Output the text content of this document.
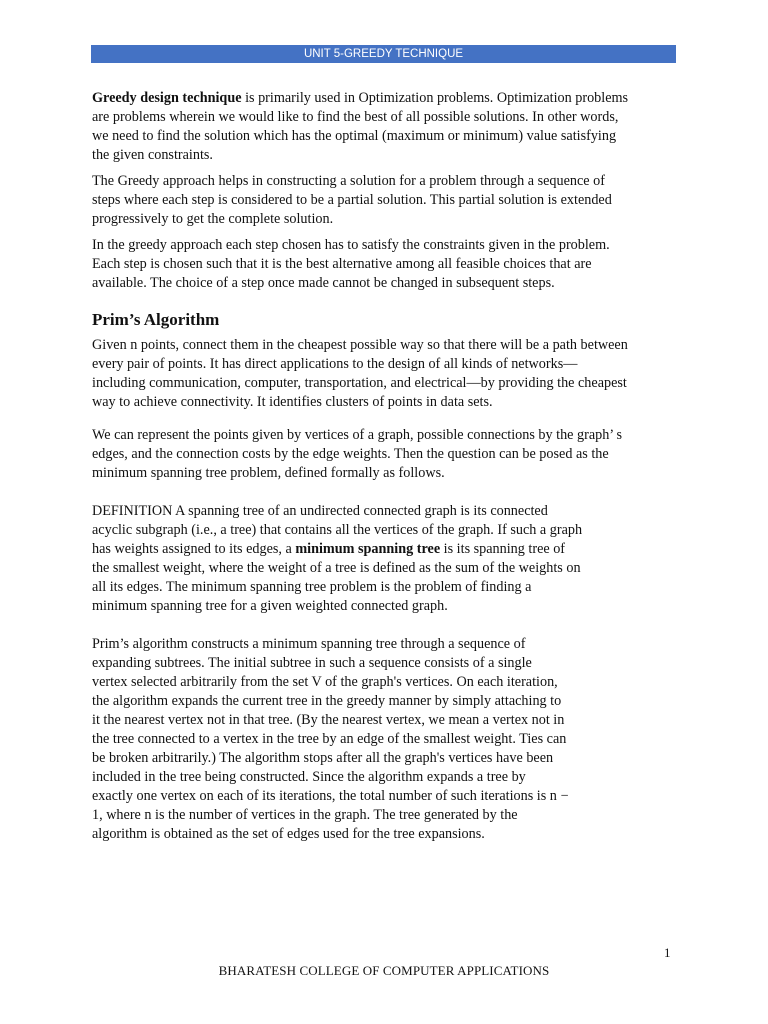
UNIT 5-GREEDY TECHNIQUE

Greedy design technique is primarily used in Optimization problems. Optimization problems
are problems wherein we would like to find the best of all possible solutions. In other words,
we need to find the solution which has the optimal (maximum or minimum) value satisfying
the given constraints.

The Greedy approach helps in constructing a solution for a problem through a sequence of
steps where each step is considered to be a partial solution. This partial solution is extended
progressively to get the complete solution.

In the greedy approach each step chosen has to satisfy the constraints given in the problem.
Each step is chosen such that it is the best alternative among all feasible choices that are
available. The choice of a step once made cannot be changed in subsequent steps.

Prim’s Algorithm

Given n points, connect them in the cheapest possible way so that there will be a path between
every pair of points. It has direct applications to the design of all kinds of networks—
including communication, computer, transportation, and electrical—by providing the cheapest
way to achieve connectivity. It identifies clusters of points in data sets.

We can represent the points given by vertices of a graph, possible connections by the graph’ s
edges, and the connection costs by the edge weights. Then the question can be posed as the
minimum spanning tree problem, defined formally as follows.

DEFINITION A spanning tree of an undirected connected graph is its connected
acyclic subgraph (i.e., a tree) that contains all the vertices of the graph. If such a graph
has weights assigned to its edges, a minimum spanning tree is its spanning tree of
the smallest weight, where the weight of a tree is defined as the sum of the weights on
all its edges. The minimum spanning tree problem is the problem of finding a
minimum spanning tree for a given weighted connected graph.

Prim’s algorithm constructs a minimum spanning tree through a sequence of
expanding subtrees. The initial subtree in such a sequence consists of a single
vertex selected arbitrarily from the set V of the graph's vertices. On each iteration,
the algorithm expands the current tree in the greedy manner by simply attaching to
it the nearest vertex not in that tree. (By the nearest vertex, we mean a vertex not in
the tree connected to a vertex in the tree by an edge of the smallest weight. Ties can
be broken arbitrarily.) The algorithm stops after all the graph's vertices have been
included in the tree being constructed. Since the algorithm expands a tree by
exactly one vertex on each of its iterations, the total number of such iterations is n −
1, where n is the number of vertices in the graph. The tree generated by the
algorithm is obtained as the set of edges used for the tree expansions.

1
BHARATESH COLLEGE OF COMPUTER APPLICATIONS
